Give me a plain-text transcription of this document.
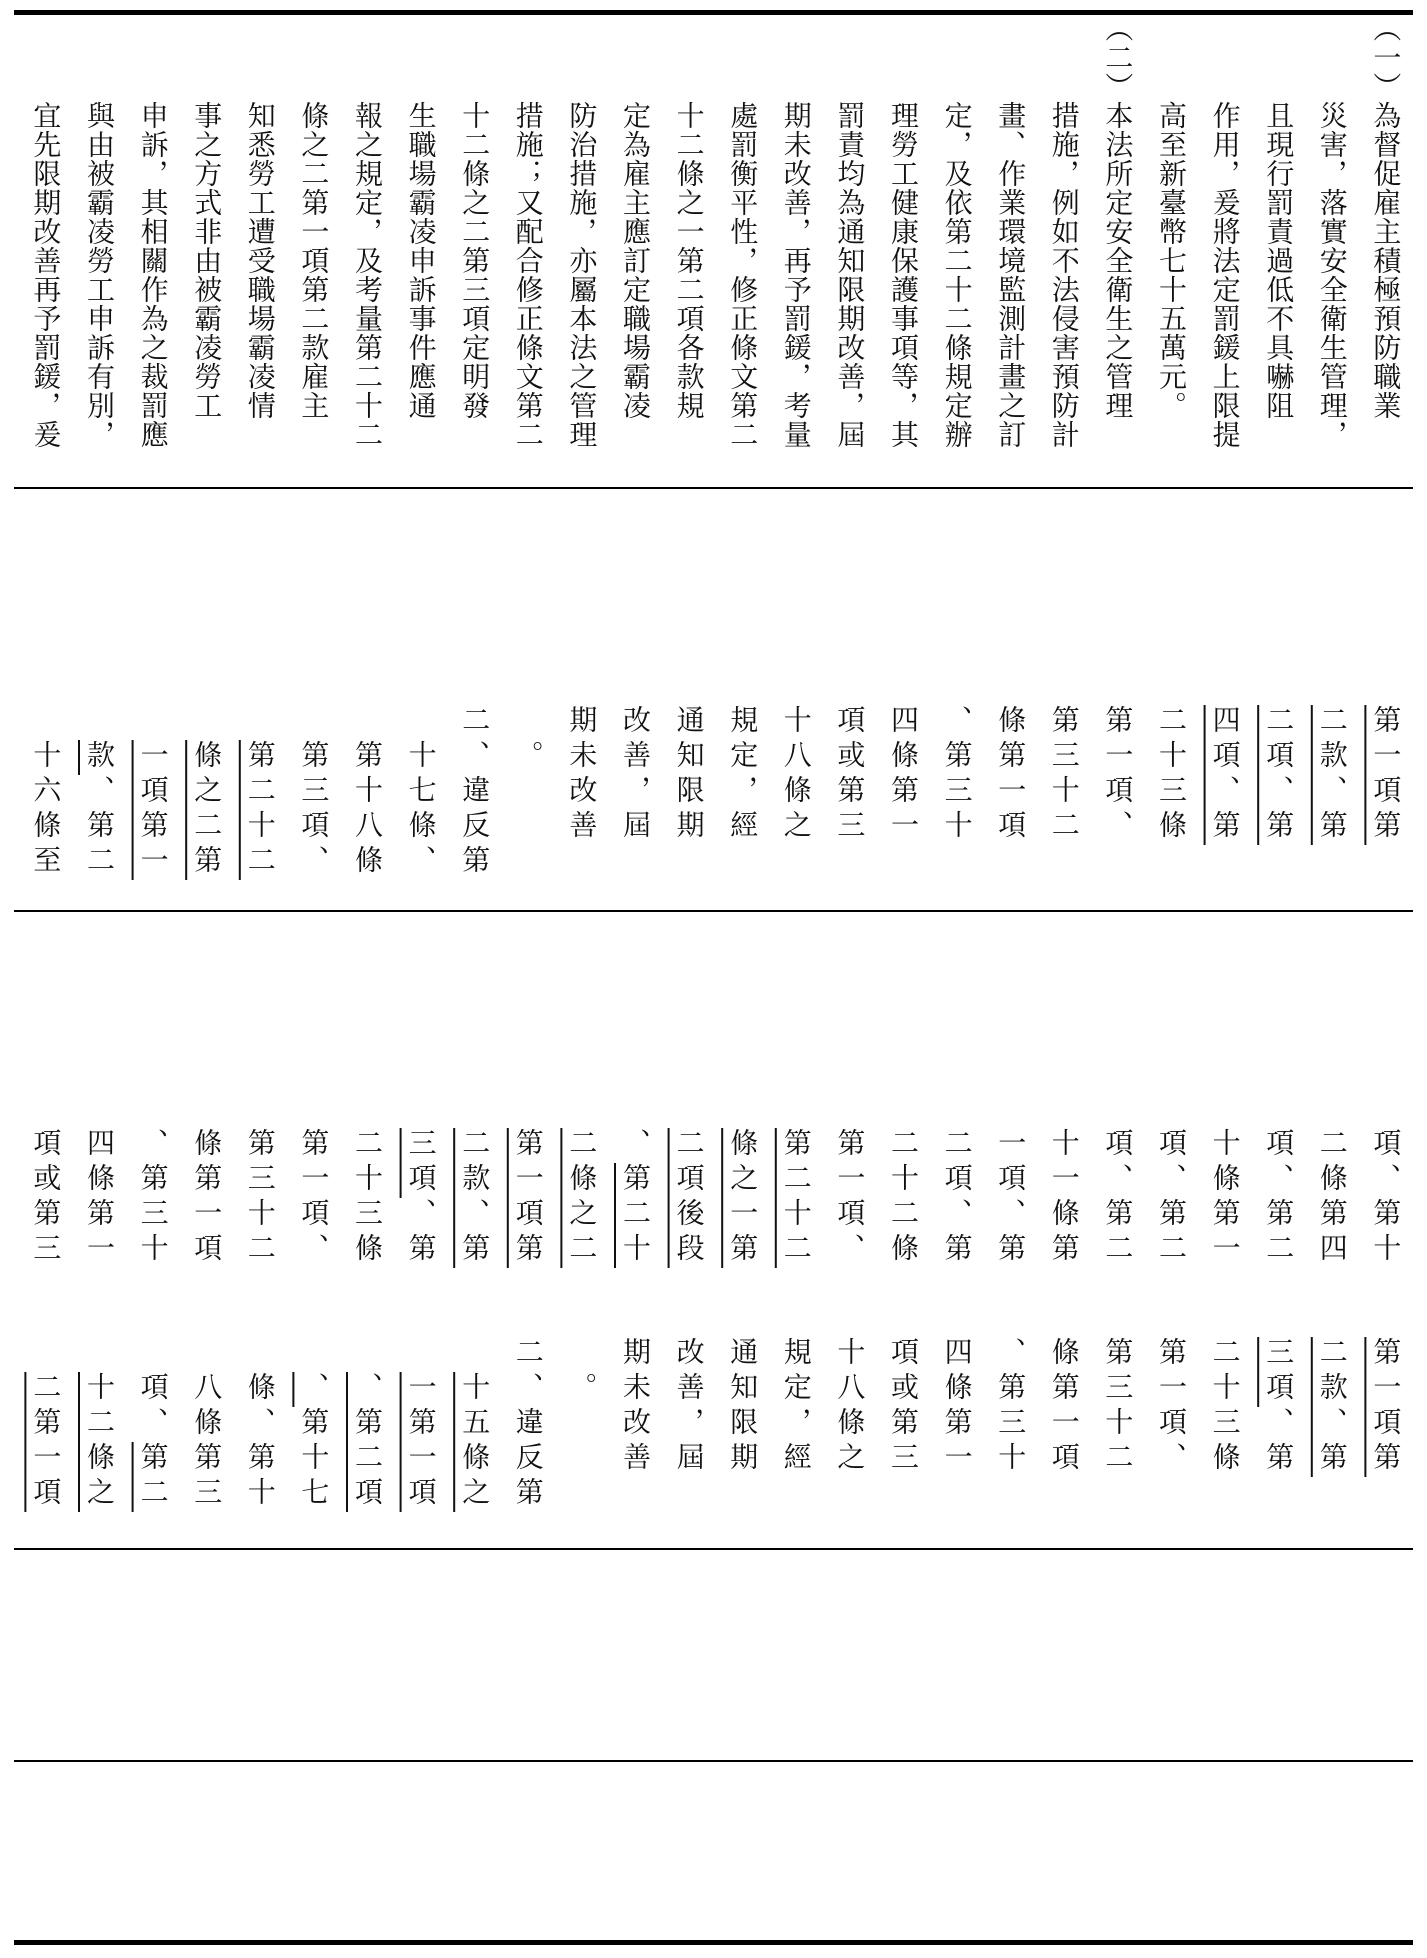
（一）為督促雇主積極預防職業
　　　災害，落實安全衛生管理，
　　　且現行罰責過低不具嚇阻
　　　作用，爰將法定罰鍰上限提
　　　高至新臺幣七十五萬元。
（二）本法所定安全衛生之管理
　　　措施，例如不法侵害預防計
　　　畫、作業環境監測計畫之訂
　　　定，及依第二十二條規定辦
　　　理勞工健康保護事項等，其
　　　罰責均為通知限期改善，屆
　　　期未改善，再予罰鍰，考量
　　　處罰衡平性，修正條文第二
　　　十二條之一第二項各款規
　　　定為雇主應訂定職場霸凌
　　　防治措施，亦屬本法之管理
　　　措施；又配合修正條文第二
　　　十二條之二第三項定明發
　　　生職場霸凌申訴事件應通
　　　報之規定，及考量第二十二
　　　條之二第一項第二款雇主
　　　知悉勞工遭受職場霸凌情
　　　事之方式非由被霸凌勞工
　　　申訴，其相關作為之裁罰應
　　　與由被霸凌勞工申訴有別，
　　　宜先限期改善再予罰鍰，爰
第一項第
二款、第
二項、第
四項、第
二十三條
第一項、
第三十二
條第一項
、第三十
四條第一
項或第三
十八條之
規定，經
通知限期
改善，屆
期未改善
　。
二、違反第
　十七條、
　第十八條
　第三項、
　第二十二
　條之二第
　一項第一
　款、第二
　十六條至
項、第十
二條第四
項、第二
十條第一
項、第二
項、第二
十一條第
一項、第
二項、第
二十二條
第一項、
第二十二
條之一第
二項後段
、第二十
二條之二
第一項第
二款、第
三項、第
二十三條
第一項、
第三十二
條第一項
、第三十
四條第一
項或第三
第一項第
二款、第
三項、第
二十三條
第一項、
第三十二
條第一項
、第三十
四條第一
項或第三
十八條之
規定，經
通知限期
改善，屆
期未改善
　。
二、違反第
　十五條之
　一第一項
　、第二項
　、第十七
　條、第十
　八條第三
　項、第二
　十二條之
　二第一項
